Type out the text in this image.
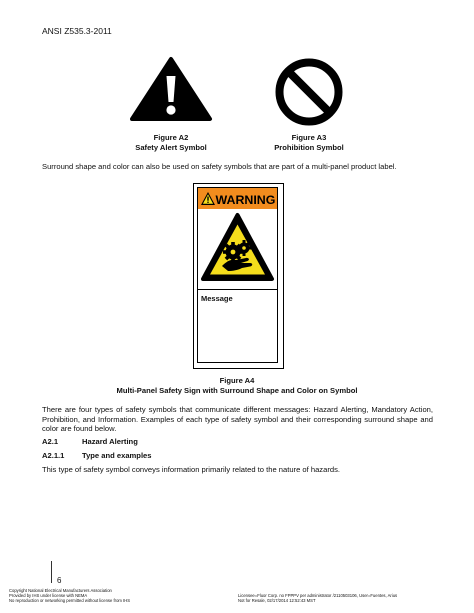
ANSI Z535.3-2011
Figure A2
Safety Alert Symbol
Figure A3
Prohibition Symbol
Surround shape and color can also be used on safety symbols that are part of a multi-panel product label.
WARNING
Message
Figure A4
Multi-Panel Safety Sign with Surround Shape and Color on Symbol
There are four types of safety symbols that communicate different messages: Hazard Alerting, Mandatory Action, Prohibition, and Information. Examples of each type of safety symbol and their corresponding surround shape and color are found below.
A2.1	Hazard Alerting
A2.1.1 Type and examples
This type of safety symbol conveys information primarily related to the nature of hazards.
6
Copyright National Electrical Manufacturers Association
Provided by IHS under license with NEMA
No reproduction or networking permitted without license from IHS
Licensee=Fluor Corp. no FPPPV per administrator /2110503106, User=Fuentes, Arius
Not for Resale, 02/17/2014 12:52:43 MST
